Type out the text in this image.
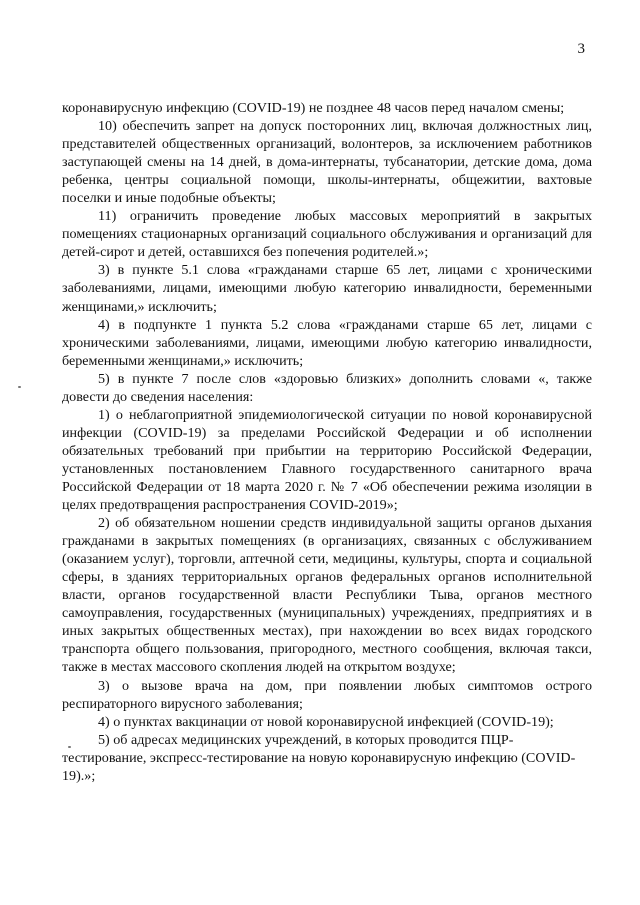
3

коронавирусную инфекцию (COVID-19) не позднее 48 часов перед началом смены;

10) обеспечить запрет на допуск посторонних лиц, включая должностных лиц, представителей общественных организаций, волонтеров, за исключением работников заступающей смены на 14 дней, в дома-интернаты, тубсанатории, детские дома, дома ребенка, центры социальной помощи, школы-интернаты, общежитии, вахтовые поселки и иные подобные объекты;

11) ограничить проведение любых массовых мероприятий в закрытых помещениях стационарных организаций социального обслуживания и организаций для детей-сирот и детей, оставшихся без попечения родителей.»;

3) в пункте 5.1 слова «гражданами старше 65 лет, лицами с хроническими заболеваниями, лицами, имеющими любую категорию инвалидности, беременными женщинами,» исключить;

4) в подпункте 1 пункта 5.2 слова «гражданами старше 65 лет, лицами с хроническими заболеваниями, лицами, имеющими любую категорию инвалидности, беременными женщинами,» исключить;

5) в пункте 7 после слов «здоровью близких» дополнить словами «, также довести до сведения населения:

1) о неблагоприятной эпидемиологической ситуации по новой коронавирусной инфекции (COVID-19) за пределами Российской Федерации и об исполнении обязательных требований при прибытии на территорию Российской Федерации, установленных постановлением Главного государственного санитарного врача Российской Федерации от 18 марта 2020 г. № 7 «Об обеспечении режима изоляции в целях предотвращения распространения COVID-2019»;

2) об обязательном ношении средств индивидуальной защиты органов дыхания гражданами в закрытых помещениях (в организациях, связанных с обслуживанием (оказанием услуг), торговли, аптечной сети, медицины, культуры, спорта и социальной сферы, в зданиях территориальных органов федеральных органов исполнительной власти, органов государственной власти Республики Тыва, органов местного самоуправления, государственных (муниципальных) учреждениях, предприятиях и в иных закрытых общественных местах), при нахождении во всех видах городского транспорта общего пользования, пригородного, местного сообщения, включая такси, также в местах массового скопления людей на открытом воздухе;

3) о вызове врача на дом, при появлении любых симптомов острого респираторного вирусного заболевания;

4) о пунктах вакцинации от новой коронавирусной инфекцией (COVID-19);

5) об адресах медицинских учреждений, в которых проводится ПЦР-тестирование, экспресс-тестирование на новую коронавирусную инфекцию (COVID-19).»;
